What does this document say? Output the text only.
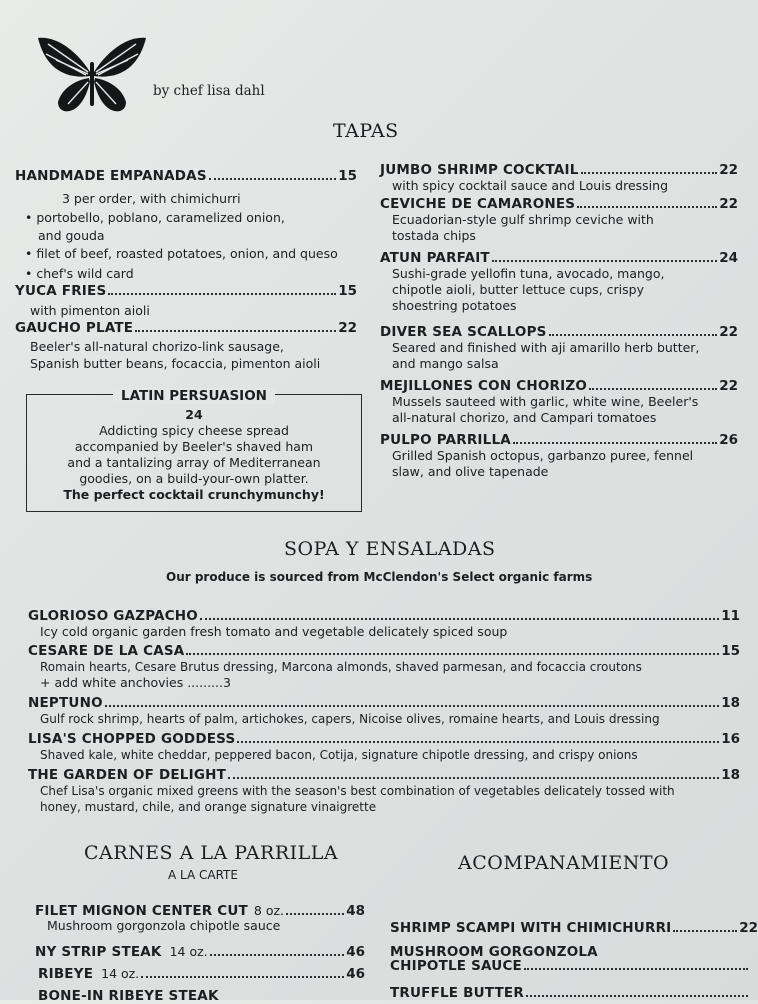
by chef lisa dahl
TAPAS
HANDMADE EMPANADAS	15
3 per order, with chimichurri
• portobello, poblano, caramelized onion,
and gouda
• filet of beef, roasted potatoes, onion, and queso
• chef's wild card
YUCA FRIES	15
with pimenton aioli
GAUCHO PLATE	22
Beeler's all-natural chorizo-link sausage,
Spanish butter beans, focaccia, pimenton aioli
LATIN PERSUASION
24
Addicting spicy cheese spread
accompanied by Beeler's shaved ham
and a tantalizing array of Mediterranean
goodies, on a build-your-own platter.
The perfect cocktail crunchymunchy!
JUMBO SHRIMP COCKTAIL	22
with spicy cocktail sauce and Louis dressing
CEVICHE DE CAMARONES	22
Ecuadorian-style gulf shrimp ceviche with
tostada chips
ATUN PARFAIT	24
Sushi-grade yellofin tuna, avocado, mango,
chipotle aioli, butter lettuce cups, crispy
shoestring potatoes
DIVER SEA SCALLOPS	22
Seared and finished with aji amarillo herb butter,
and mango salsa
MEJILLONES CON CHORIZO	22
Mussels sauteed with garlic, white wine, Beeler's
all-natural chorizo, and Campari tomatoes
PULPO PARRILLA	26
Grilled Spanish octopus, garbanzo puree, fennel
slaw, and olive tapenade
SOPA Y ENSALADAS
Our produce is sourced from McClendon's Select organic farms
GLORIOSO GAZPACHO	11
Icy cold organic garden fresh tomato and vegetable delicately spiced soup
CESARE DE LA CASA	15
Romain hearts, Cesare Brutus dressing, Marcona almonds, shaved parmesan, and focaccia croutons
+ add white anchovies .........3
NEPTUNO	18
Gulf rock shrimp, hearts of palm, artichokes, capers, Nicoise olives, romaine hearts, and Louis dressing
LISA'S CHOPPED GODDESS	16
Shaved kale, white cheddar, peppered bacon, Cotija, signature chipotle dressing, and crispy onions
THE GARDEN OF DELIGHT	18
Chef Lisa's organic mixed greens with the season's best combination of vegetables delicately tossed with
honey, mustard, chile, and orange signature vinaigrette
CARNES A LA PARRILLA
A LA CARTE
FILET MIGNON CENTER CUT 8 oz.	48
Mushroom gorgonzola chipotle sauce
NY STRIP STEAK 14 oz.	46
RIBEYE 14 oz.	46
BONE-IN RIBEYE STEAK
ACOMPANAMIENTO
SHRIMP SCAMPI WITH CHIMICHURRI	22
MUSHROOM GORGONZOLA
CHIPOTLE SAUCE
TRUFFLE BUTTER
